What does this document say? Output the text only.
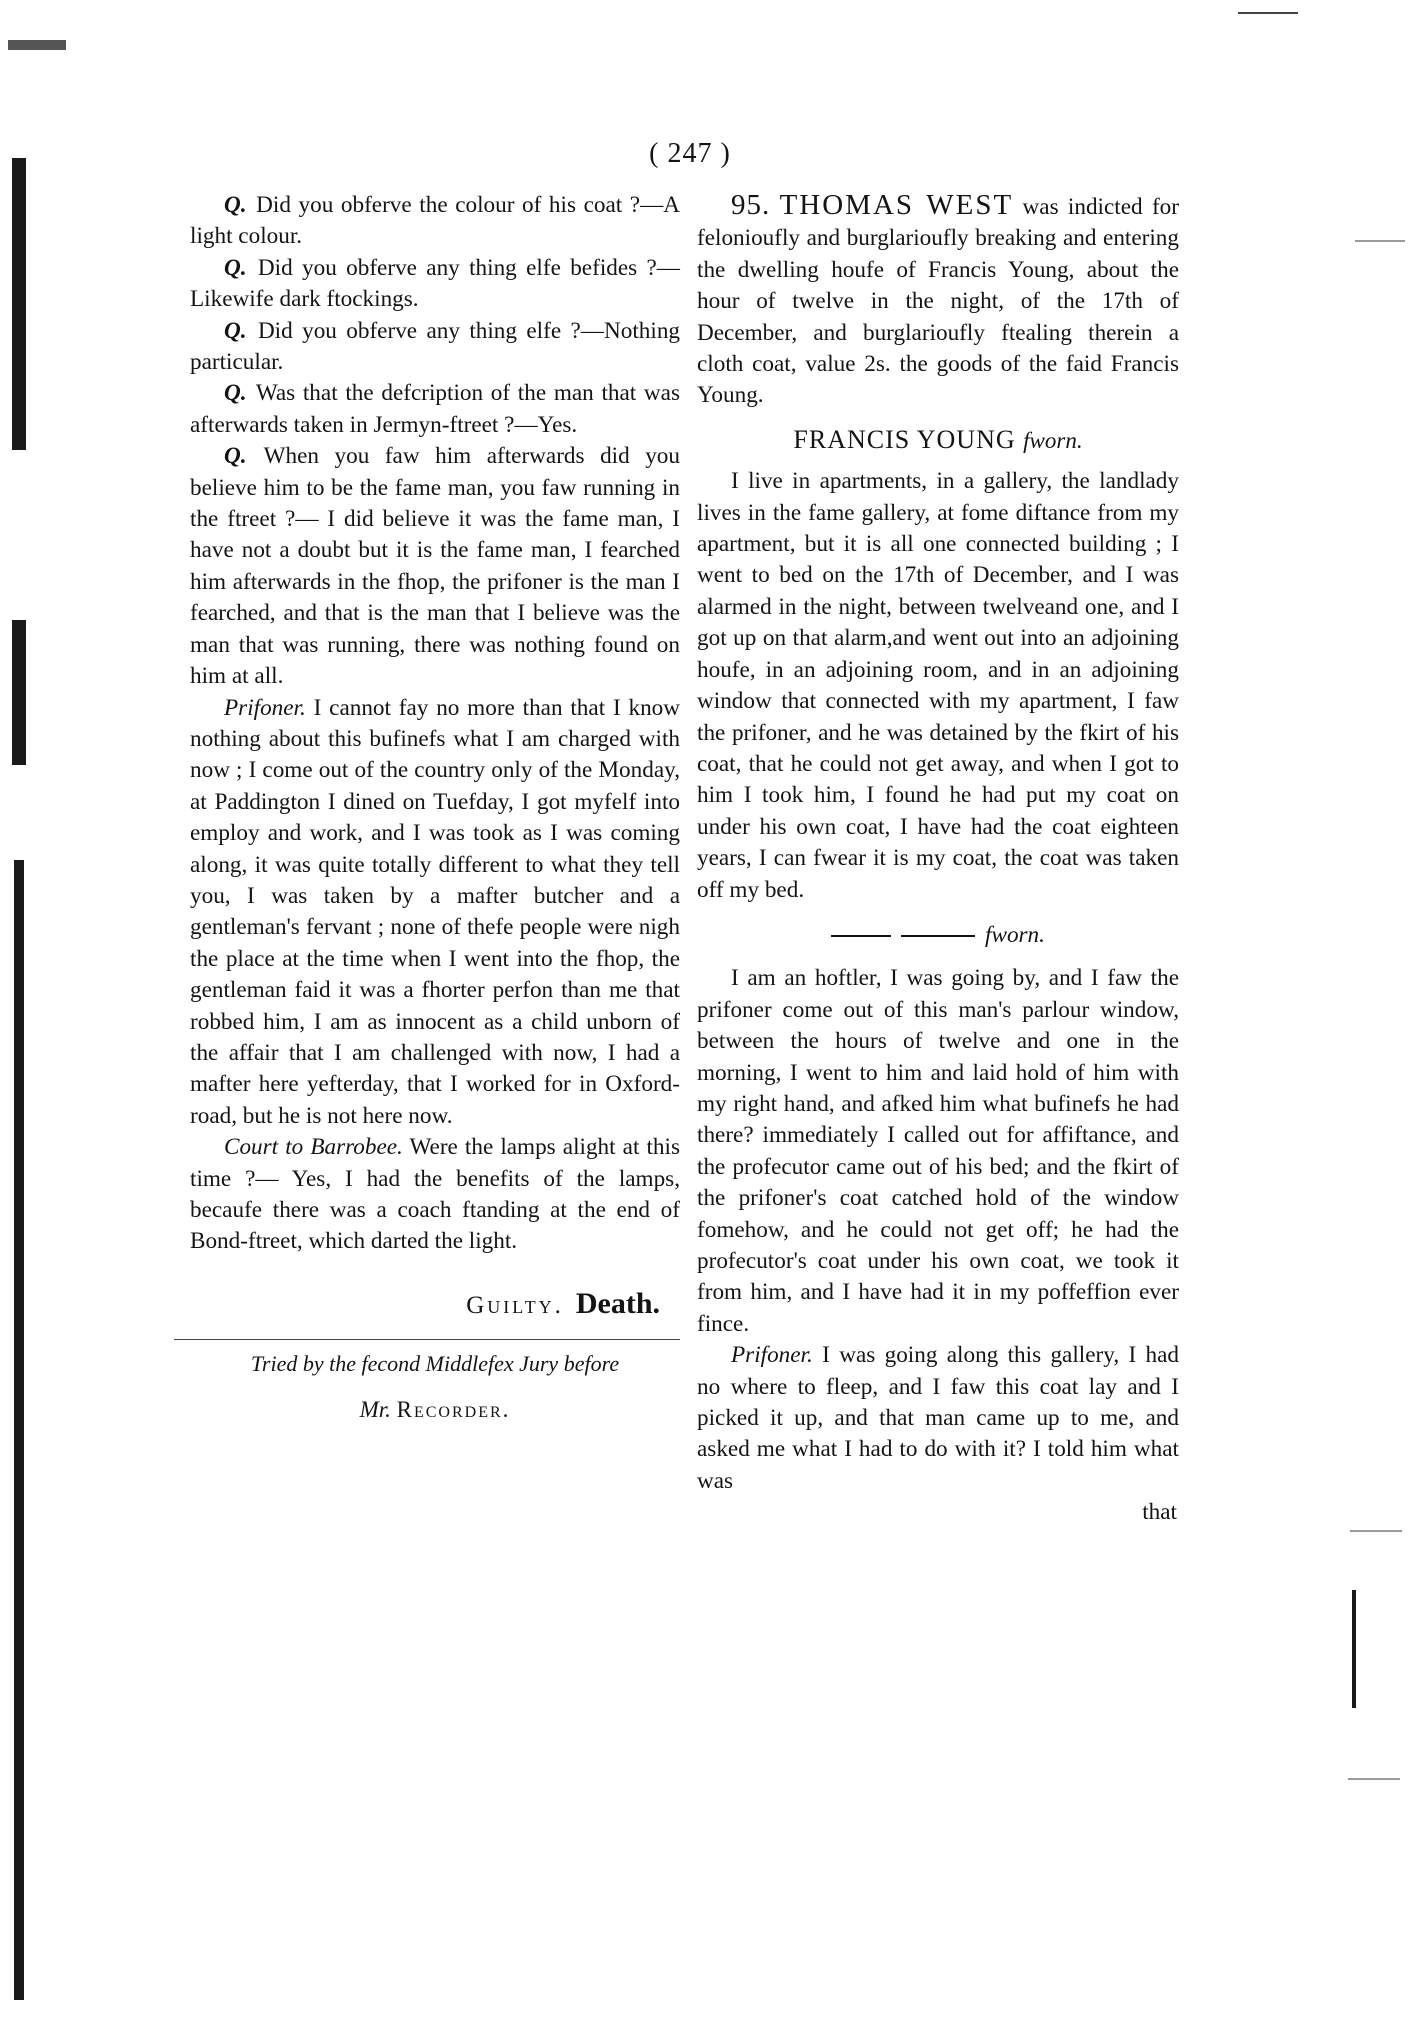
( 247 )

Q. Did you obferve the colour of his coat ?—A light colour.

Q. Did you obferve any thing elfe befides ?—Likewife dark ftockings.

Q. Did you obferve any thing elfe ?—Nothing particular.

Q. Was that the defcription of the man that was afterwards taken in Jermyn-ftreet ?—Yes.

Q. When you faw him afterwards did you believe him to be the fame man, you faw running in the ftreet ?— I did believe it was the fame man, I have not a doubt but it is the fame man, I fearched him afterwards in the fhop, the prifoner is the man I fearched, and that is the man that I believe was the man that was running, there was nothing found on him at all.

Prifoner. I cannot fay no more than that I know nothing about this bufinefs what I am charged with now ; I come out of the country only of the Monday, at Paddington I dined on Tuefday, I got myfelf into employ and work, and I was took as I was coming along, it was quite totally different to what they tell you, I was taken by a mafter butcher and a gentleman's fervant ; none of thefe people were nigh the place at the time when I went into the fhop, the gentleman faid it was a fhorter perfon than me that robbed him, I am as innocent as a child unborn of the affair that I am challenged with now, I had a mafter here yefterday, that I worked for in Oxford-road, but he is not here now.

Court to Barrobee. Were the lamps alight at this time ?— Yes, I had the benefits of the lamps, becaufe there was a coach ftanding at the end of Bond-ftreet, which darted the light.

Guilty. Death.
Tried by the fecond Middlefex Jury before
Mr. Recorder.

95. THOMAS WEST was indicted for felonioufly and burglarioufly breaking and entering the dwelling houfe of Francis Young, about the hour of twelve in the night, of the 17th of December, and burglarioufly ftealing therein a cloth coat, value 2s. the goods of the faid Francis Young.

FRANCIS YOUNG fworn.

I live in apartments, in a gallery, the landlady lives in the fame gallery, at fome diftance from my apartment, but it is all one connected building ; I went to bed on the 17th of December, and I was alarmed in the night, between twelveand one, and I got up on that alarm,and went out into an adjoining houfe, in an adjoining room, and in an adjoining window that connected with my apartment, I faw the prifoner, and he was detained by the fkirt of his coat, that he could not get away, and when I got to him I took him, I found he had put my coat on under his own coat, I have had the coat eighteen years, I can fwear it is my coat, the coat was taken off my bed.

fworn.

I am an hoftler, I was going by, and I faw the prifoner come out of this man's parlour window, between the hours of twelve and one in the morning, I went to him and laid hold of him with my right hand, and afked him what bufinefs he had there? immediately I called out for affiftance, and the profecutor came out of his bed; and the fkirt of the prifoner's coat catched hold of the window fomehow, and he could not get off; he had the profecutor's coat under his own coat, we took it from him, and I have had it in my poffeffion ever fince.

Prifoner. I was going along this gallery, I had no where to fleep, and I faw this coat lay and I picked it up, and that man came up to me, and asked me what I had to do with it? I told him what was

that
